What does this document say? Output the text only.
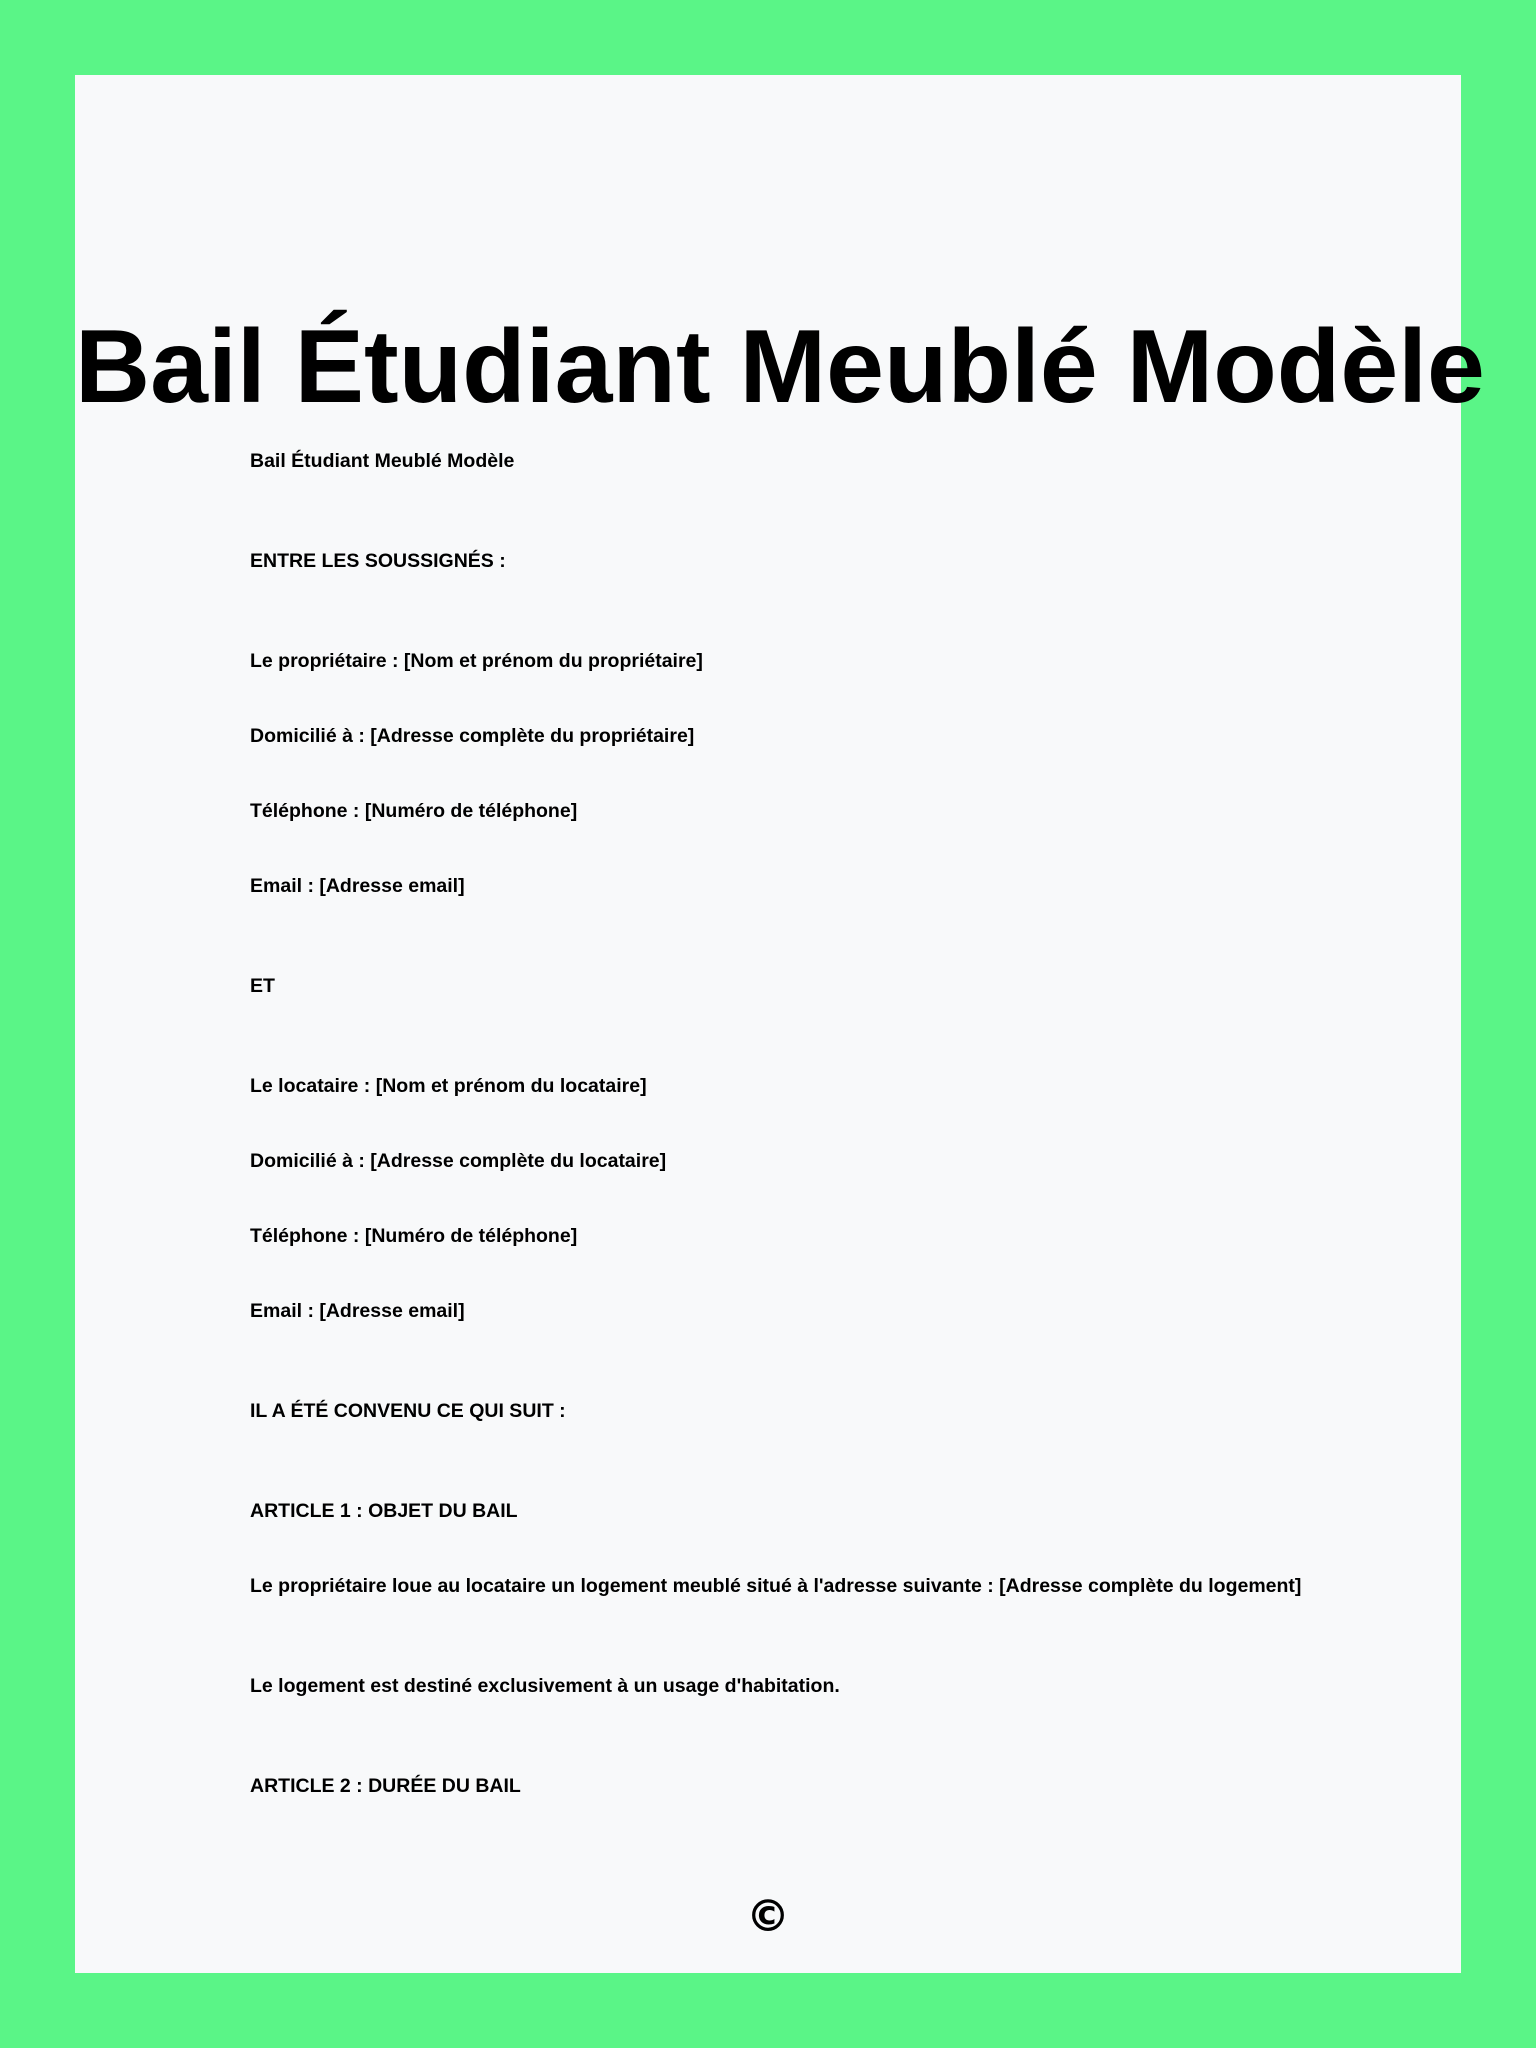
Bail Étudiant Meublé Modèle

Bail Étudiant Meublé Modèle

ENTRE LES SOUSSIGNÉS :

Le propriétaire : [Nom et prénom du propriétaire]

Domicilié à : [Adresse complète du propriétaire]

Téléphone : [Numéro de téléphone]

Email : [Adresse email]

ET

Le locataire : [Nom et prénom du locataire]

Domicilié à : [Adresse complète du locataire]

Téléphone : [Numéro de téléphone]

Email : [Adresse email]

IL A ÉTÉ CONVENU CE QUI SUIT :

ARTICLE 1 : OBJET DU BAIL

Le propriétaire loue au locataire un logement meublé situé à l'adresse suivante : [Adresse complète du logement]

Le logement est destiné exclusivement à un usage d'habitation.

ARTICLE 2 : DURÉE DU BAIL

©
